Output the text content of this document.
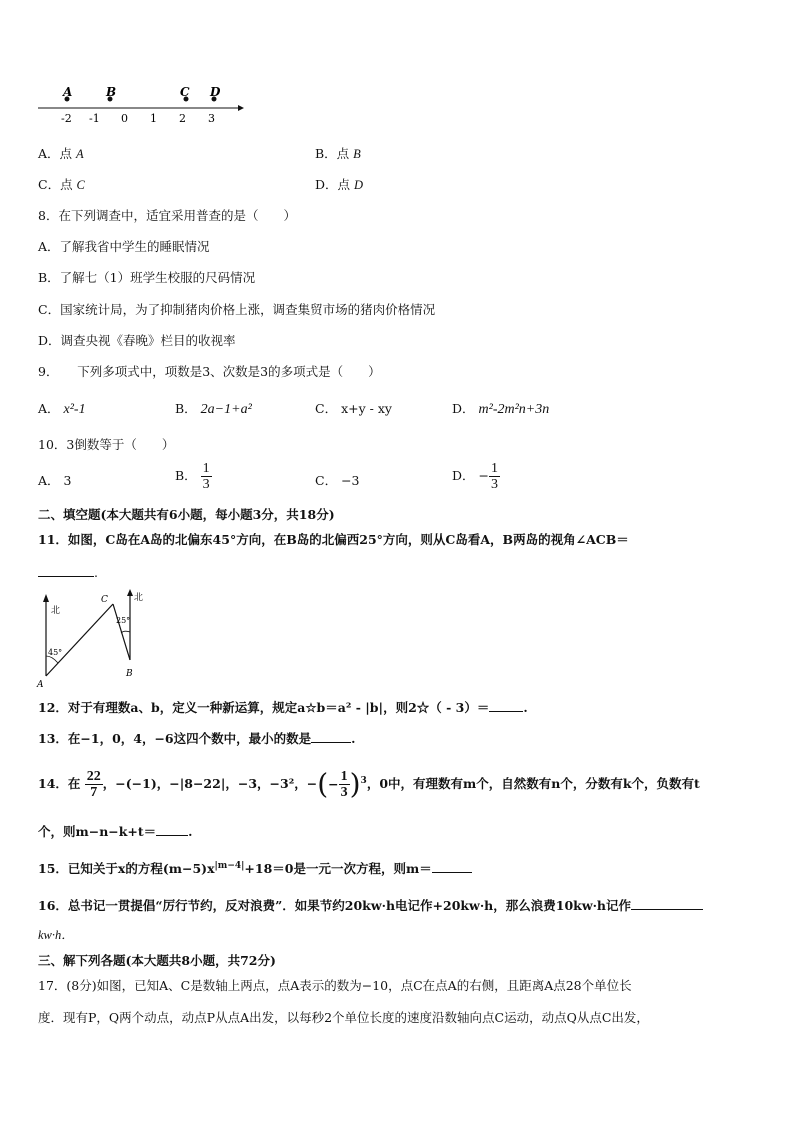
A	B	C D
-2 -1 0 1 2 3
A．点 A	B．点 B
C．点 C	D．点 D
8．在下列调查中，适宜采用普查的是（　　）
A．了解我省中学生的睡眠情况
B．了解七（1）班学生校服的尺码情况
C．国家统计局，为了抑制猪肉价格上涨，调查集贸市场的猪肉价格情况
D．调查央视《春晚》栏目的收视率
9．　　下列多项式中，项数是3、次数是3的多项式是（　　）
A． x²-1	B． 2a−1+a²	C． x+y - xy	D． m²-2m²n+3n
10．3倒数等于（　　）
A． 3	B． $\frac{1}{3}$	C． −3	D． − $\frac{1}{3}$
二、填空题(本大题共有6小题，每小题3分，共18分)
11．如图，C岛在A岛的北偏东45°方向，在B岛的北偏西25°方向，则从C岛看A，B两岛的视角∠ACB＝
.
北
北
45°
25°
A
C
B
12．对于有理数a、b，定义一种新运算，规定a☆b＝a² - |b|，则2☆（ - 3）＝	.
13．在−1，0，4，−6这四个数中，最小的数是	.
14．在 $\frac{22}{7}$ ，−(−1)，−|8−22|，−3，−3²，−(− $\frac{1}{3} )^3$，0中，有理数有m个，自然数有n个，分数有k个，负数有t
个，则m−n−k+t＝	.
15．已知关于x的方程$(m-5)x^{|m-4|}+18=0$是一元一次方程，则m＝
16．总书记一贯提倡“厉行节约，反对浪费”．如果节约20kw·h电记作+20kw·h，那么浪费10kw·h记作
kw·h．
三、解下列各题(本大题共8小题，共72分)
17．(8分)如图，已知A、C是数轴上两点，点A表示的数为−10，点C在点A的右侧，且距离A点28个单位长
度．现有P，Q两个动点，动点P从点A出发，以每秒2个单位长度的速度沿数轴向点C运动，动点Q从点C出发，
